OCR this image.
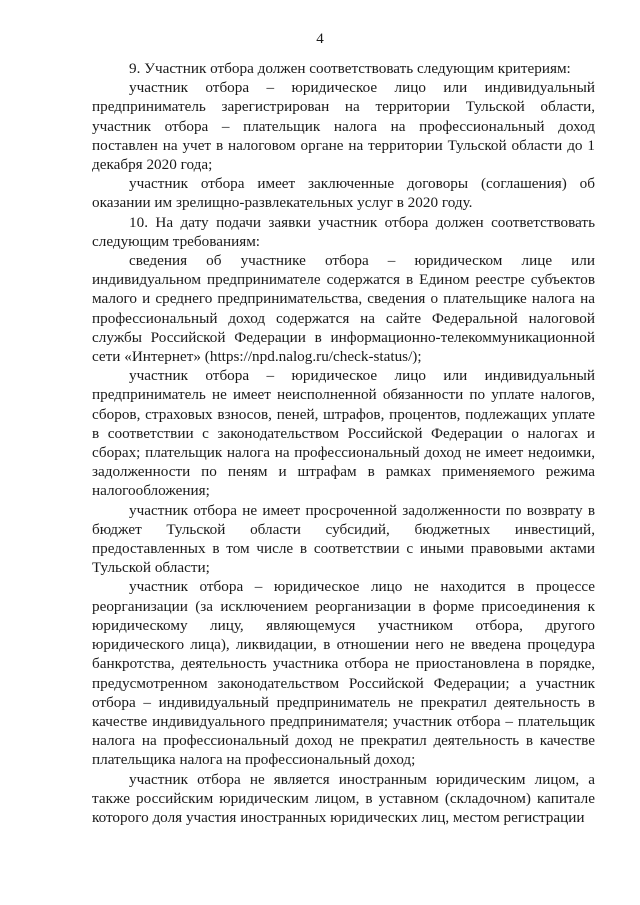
4

9. Участник отбора должен соответствовать следующим критериям:

участник отбора – юридическое лицо или индивидуальный предприниматель зарегистрирован на территории Тульской области, участник отбора – плательщик налога на профессиональный доход поставлен на учет в налоговом органе на территории Тульской области до 1 декабря 2020 года;

участник отбора имеет заключенные договоры (соглашения) об оказании им зрелищно-развлекательных услуг в 2020 году.

10. На дату подачи заявки участник отбора должен соответствовать следующим требованиям:

сведения об участнике отбора – юридическом лице или индивидуальном предпринимателе содержатся в Едином реестре субъектов малого и среднего предпринимательства, сведения о плательщике налога на профессиональный доход содержатся на сайте Федеральной налоговой службы Российской Федерации в информационно-телекоммуникационной сети «Интернет» (https://npd.nalog.ru/check-status/);

участник отбора – юридическое лицо или индивидуальный предприниматель не имеет неисполненной обязанности по уплате налогов, сборов, страховых взносов, пеней, штрафов, процентов, подлежащих уплате в соответствии с законодательством Российской Федерации о налогах и сборах; плательщик налога на профессиональный доход не имеет недоимки, задолженности по пеням и штрафам в рамках применяемого режима налогообложения;

участник отбора не имеет просроченной задолженности по возврату в бюджет Тульской области субсидий, бюджетных инвестиций, предоставленных в том числе в соответствии с иными правовыми актами Тульской области;

участник отбора – юридическое лицо не находится в процессе реорганизации (за исключением реорганизации в форме присоединения к юридическому лицу, являющемуся участником отбора, другого юридического лица), ликвидации, в отношении него не введена процедура банкротства, деятельность участника отбора не приостановлена в порядке, предусмотренном законодательством Российской Федерации; а участник отбора – индивидуальный предприниматель не прекратил деятельность в качестве индивидуального предпринимателя; участник отбора – плательщик налога на профессиональный доход не прекратил деятельность в качестве плательщика налога на профессиональный доход;

участник отбора не является иностранным юридическим лицом, а также российским юридическим лицом, в уставном (складочном) капитале которого доля участия иностранных юридических лиц, местом регистрации
